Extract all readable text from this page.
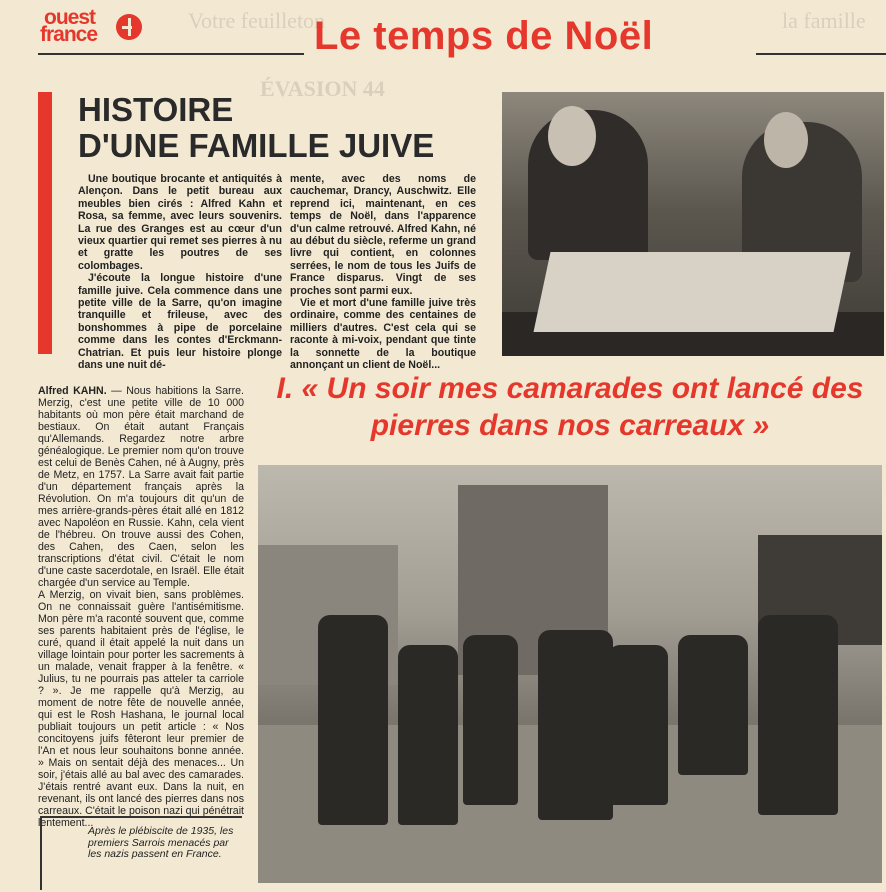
la famille
Votre feuilleton
ÉVASION 44
ouest
france	Le temps de Noël
HISTOIRE
D'UNE FAMILLE JUIVE

Une boutique brocante et antiquités à Alençon. Dans le petit bureau aux meubles bien cirés : Alfred Kahn et Rosa, sa femme, avec leurs souvenirs. La rue des Granges est au cœur d'un vieux quartier qui remet ses pierres à nu et gratte les poutres de ses colombages.

J'écoute la longue histoire d'une famille juive. Cela commence dans une petite ville de la Sarre, qu'on imagine tranquille et frileuse, avec des bonshommes à pipe de porcelaine comme dans les contes d'Erckmann-Chatrian. Et puis leur histoire plonge dans une nuit dé-

mente, avec des noms de cauchemar, Drancy, Auschwitz. Elle reprend ici, maintenant, en ces temps de Noël, dans l'apparence d'un calme retrouvé. Alfred Kahn, né au début du siècle, referme un grand livre qui contient, en colonnes serrées, le nom de tous les Juifs de France disparus. Vingt de ses proches sont parmi eux.

Vie et mort d'une famille juive très ordinaire, comme des centaines de milliers d'autres. C'est cela qui se raconte à mi-voix, pendant que tinte la sonnette de la boutique annonçant un client de Noël...

I. « Un soir mes camarades ont lancé des pierres dans nos carreaux »

Alfred KAHN. — Nous habitions la Sarre. Merzig, c'est une petite ville de 10 000 habitants où mon père était marchand de bestiaux. On était autant Français qu'Allemands. Regardez notre arbre généalogique. Le premier nom qu'on trouve est celui de Benès Cahen, né à Augny, près de Metz, en 1757. La Sarre avait fait partie d'un département français après la Révolution. On m'a toujours dit qu'un de mes arrière-grands-pères était allé en 1812 avec Napoléon en Russie. Kahn, cela vient de l'hébreu. On trouve aussi des Cohen, des Cahen, des Caen, selon les transcriptions d'état civil. C'était le nom d'une caste sacerdotale, en Israël. Elle était chargée d'un service au Temple.

A Merzig, on vivait bien, sans problèmes. On ne connaissait guère l'antisémitisme. Mon père m'a raconté souvent que, comme ses parents habitaient près de l'église, le curé, quand il était appelé la nuit dans un village lointain pour porter les sacrements à un malade, venait frapper à la fenêtre. « Julius, tu ne pourrais pas atteler ta carriole ? ». Je me rappelle qu'à Merzig, au moment de notre fête de nouvelle année, qui est le Rosh Hashana, le journal local publiait toujours un petit article : « Nos concitoyens juifs fêteront leur premier de l'An et nous leur souhaitons bonne année. » Mais on sentait déjà des menaces... Un soir, j'étais allé au bal avec des camarades. J'étais rentré avant eux. Dans la nuit, en revenant, ils ont lancé des pierres dans nos carreaux. C'était le poison nazi qui pénétrait lentement...

Après le plébiscite de 1935, les premiers Sarrois menacés par les nazis passent en France.
